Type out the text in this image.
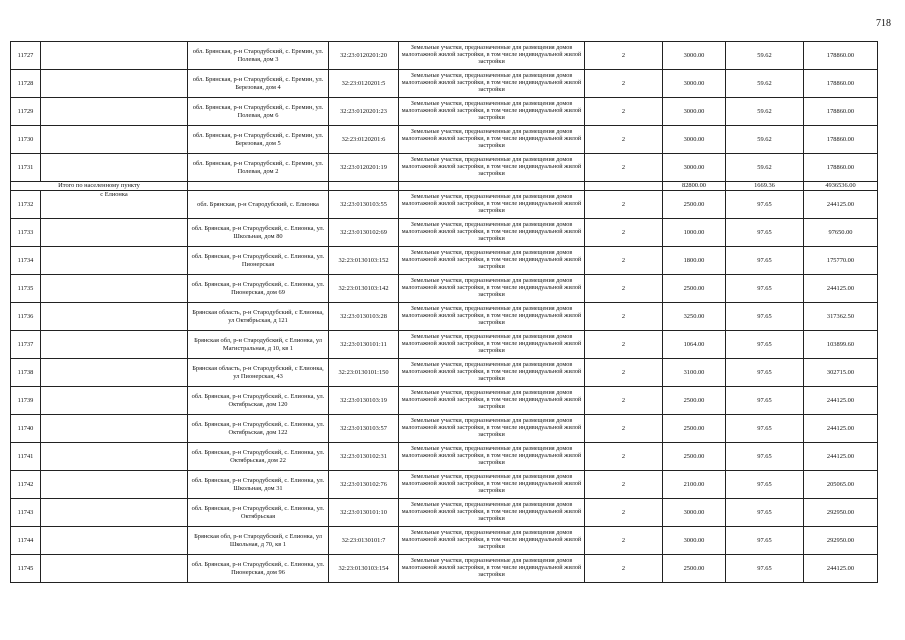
718
11727		обл. Брянская, р-н Стародубский, с. Еремин, ул. Полевая, дом 3	32:23:0120201:20	Земельные участки, предназначенные для размещения домов малоэтажной жилой застройки, в том числе индивидуальной жилой застройки	2	3000.00	59.62	178860.00
11728		обл. Брянская, р-н Стародубский, с. Еремин, ул. Березовая, дом 4	32:23:0120201:5	Земельные участки, предназначенные для размещения домов малоэтажной жилой застройки, в том числе индивидуальной жилой застройки	2	3000.00	59.62	178860.00
11729		обл. Брянская, р-н Стародубский, с. Еремин, ул. Полевая, дом 6	32:23:0120201:23	Земельные участки, предназначенные для размещения домов малоэтажной жилой застройки, в том числе индивидуальной жилой застройки	2	3000.00	59.62	178860.00
11730		обл. Брянская, р-н Стародубский, с. Еремин, ул. Березовая, дом 5	32:23:0120201:6	Земельные участки, предназначенные для размещения домов малоэтажной жилой застройки, в том числе индивидуальной жилой застройки	2	3000.00	59.62	178860.00
11731		обл. Брянская, р-н Стародубский, с. Еремин, ул. Полевая, дом 2	32:23:0120201:19	Земельные участки, предназначенные для размещения домов малоэтажной жилой застройки, в том числе индивидуальной жилой застройки	2	3000.00	59.62	178860.00
Итого по населенному пункту						82800.00	1669.36	4936536.00
11732	с Елионка	обл. Брянская, р-н Стародубский, с. Елионка	32:23:0130103:55	Земельные участки, предназначенные для размещения домов малоэтажной жилой застройки, в том числе индивидуальной жилой застройки	2	2500.00	97.65	244125.00
11733		обл. Брянская, р-н Стародубский, с. Елионка, ул. Школьная, дом 80	32:23:0130102:69	Земельные участки, предназначенные для размещения домов малоэтажной жилой застройки, в том числе индивидуальной жилой застройки	2	1000.00	97.65	97650.00
11734		обл. Брянская, р-н Стародубский, с. Елионка, ул. Пионерская	32:23:0130103:152	Земельные участки, предназначенные для размещения домов малоэтажной жилой застройки, в том числе индивидуальной жилой застройки	2	1800.00	97.65	175770.00
11735		обл. Брянская, р-н Стародубский, с. Елионка, ул. Пионерская, дом 69	32:23:0130103:142	Земельные участки, предназначенные для размещения домов малоэтажной жилой застройки, в том числе индивидуальной жилой застройки	2	2500.00	97.65	244125.00
11736		Брянская область, р-н Стародубский, с Елионка, ул Октябрьская, д 121	32:23:0130103:28	Земельные участки, предназначенные для размещения домов малоэтажной жилой застройки, в том числе индивидуальной жилой застройки	2	3250.00	97.65	317362.50
11737		Брянская обл, р-н Стародубский, с Елионка, ул Магистральная, д 10, кв 1	32:23:0130101:11	Земельные участки, предназначенные для размещения домов малоэтажной жилой застройки, в том числе индивидуальной жилой застройки	2	1064.00	97.65	103899.60
11738		Брянская область, р-н Стародубский, с Елионка, ул Пионерская, 43	32:23:0130101:150	Земельные участки, предназначенные для размещения домов малоэтажной жилой застройки, в том числе индивидуальной жилой застройки	2	3100.00	97.65	302715.00
11739		обл. Брянская, р-н Стародубский, с. Елионка, ул. Октябрьская, дом 120	32:23:0130103:19	Земельные участки, предназначенные для размещения домов малоэтажной жилой застройки, в том числе индивидуальной жилой застройки	2	2500.00	97.65	244125.00
11740		обл. Брянская, р-н Стародубский, с. Елионка, ул. Октябрьская, дом 122	32:23:0130103:57	Земельные участки, предназначенные для размещения домов малоэтажной жилой застройки, в том числе индивидуальной жилой застройки	2	2500.00	97.65	244125.00
11741		обл. Брянская, р-н Стародубский, с. Елионка, ул. Октябрьская, дом 22	32:23:0130102:31	Земельные участки, предназначенные для размещения домов малоэтажной жилой застройки, в том числе индивидуальной жилой застройки	2	2500.00	97.65	244125.00
11742		обл. Брянская, р-н Стародубский, с. Елионка, ул. Школьная, дом 31	32:23:0130102:76	Земельные участки, предназначенные для размещения домов малоэтажной жилой застройки, в том числе индивидуальной жилой застройки	2	2100.00	97.65	205065.00
11743		обл. Брянская, р-н Стародубский, с. Елионка, ул. Октябрьская	32:23:0130101:10	Земельные участки, предназначенные для размещения домов малоэтажной жилой застройки, в том числе индивидуальной жилой застройки	2	3000.00	97.65	292950.00
11744		Брянская обл, р-н Стародубский, с Елионка, ул Школьная, д 70, кв 1	32:23:0130101:7	Земельные участки, предназначенные для размещения домов малоэтажной жилой застройки, в том числе индивидуальной жилой застройки	2	3000.00	97.65	292950.00
11745		обл. Брянская, р-н Стародубский, с. Елионка, ул. Пионерская, дом 96	32:23:0130103:154	Земельные участки, предназначенные для размещения домов малоэтажной жилой застройки, в том числе индивидуальной жилой застройки	2	2500.00	97.65	244125.00
